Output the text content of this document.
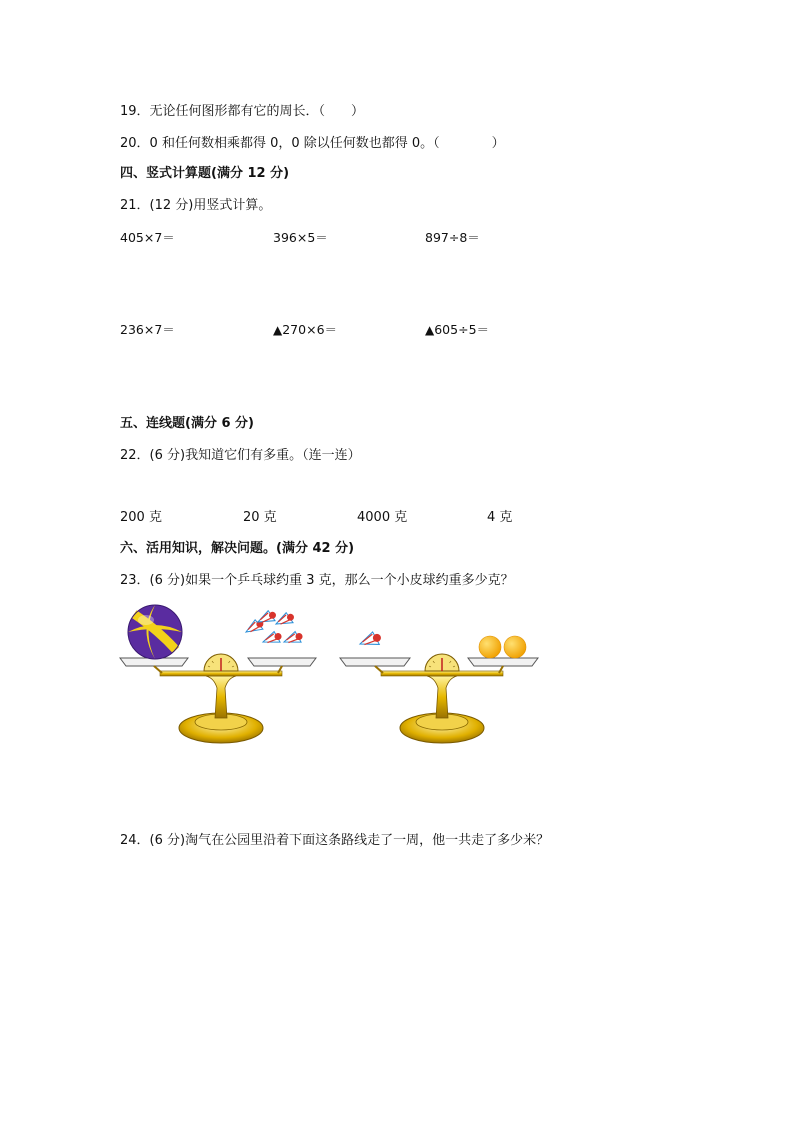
19．无论任何图形都有它的周长．（　　）
20．0 和任何数相乘都得 0，0 除以任何数也都得 0。（　　　　）
四、竖式计算题(满分 12 分)
21．(12 分)用竖式计算。
405×7＝	396×5＝	897÷8＝
236×7＝	▲270×6＝	▲605÷5＝
五、连线题(满分 6 分)
22．(6 分)我知道它们有多重。（连一连）
200 克	20 克	4000 克	4 克
六、活用知识，解决问题。(满分 42 分)
23．(6 分)如果一个乒乓球约重 3 克，那么一个小皮球约重多少克？
24．(6 分)淘气在公园里沿着下面这条路线走了一周，他一共走了多少米？
